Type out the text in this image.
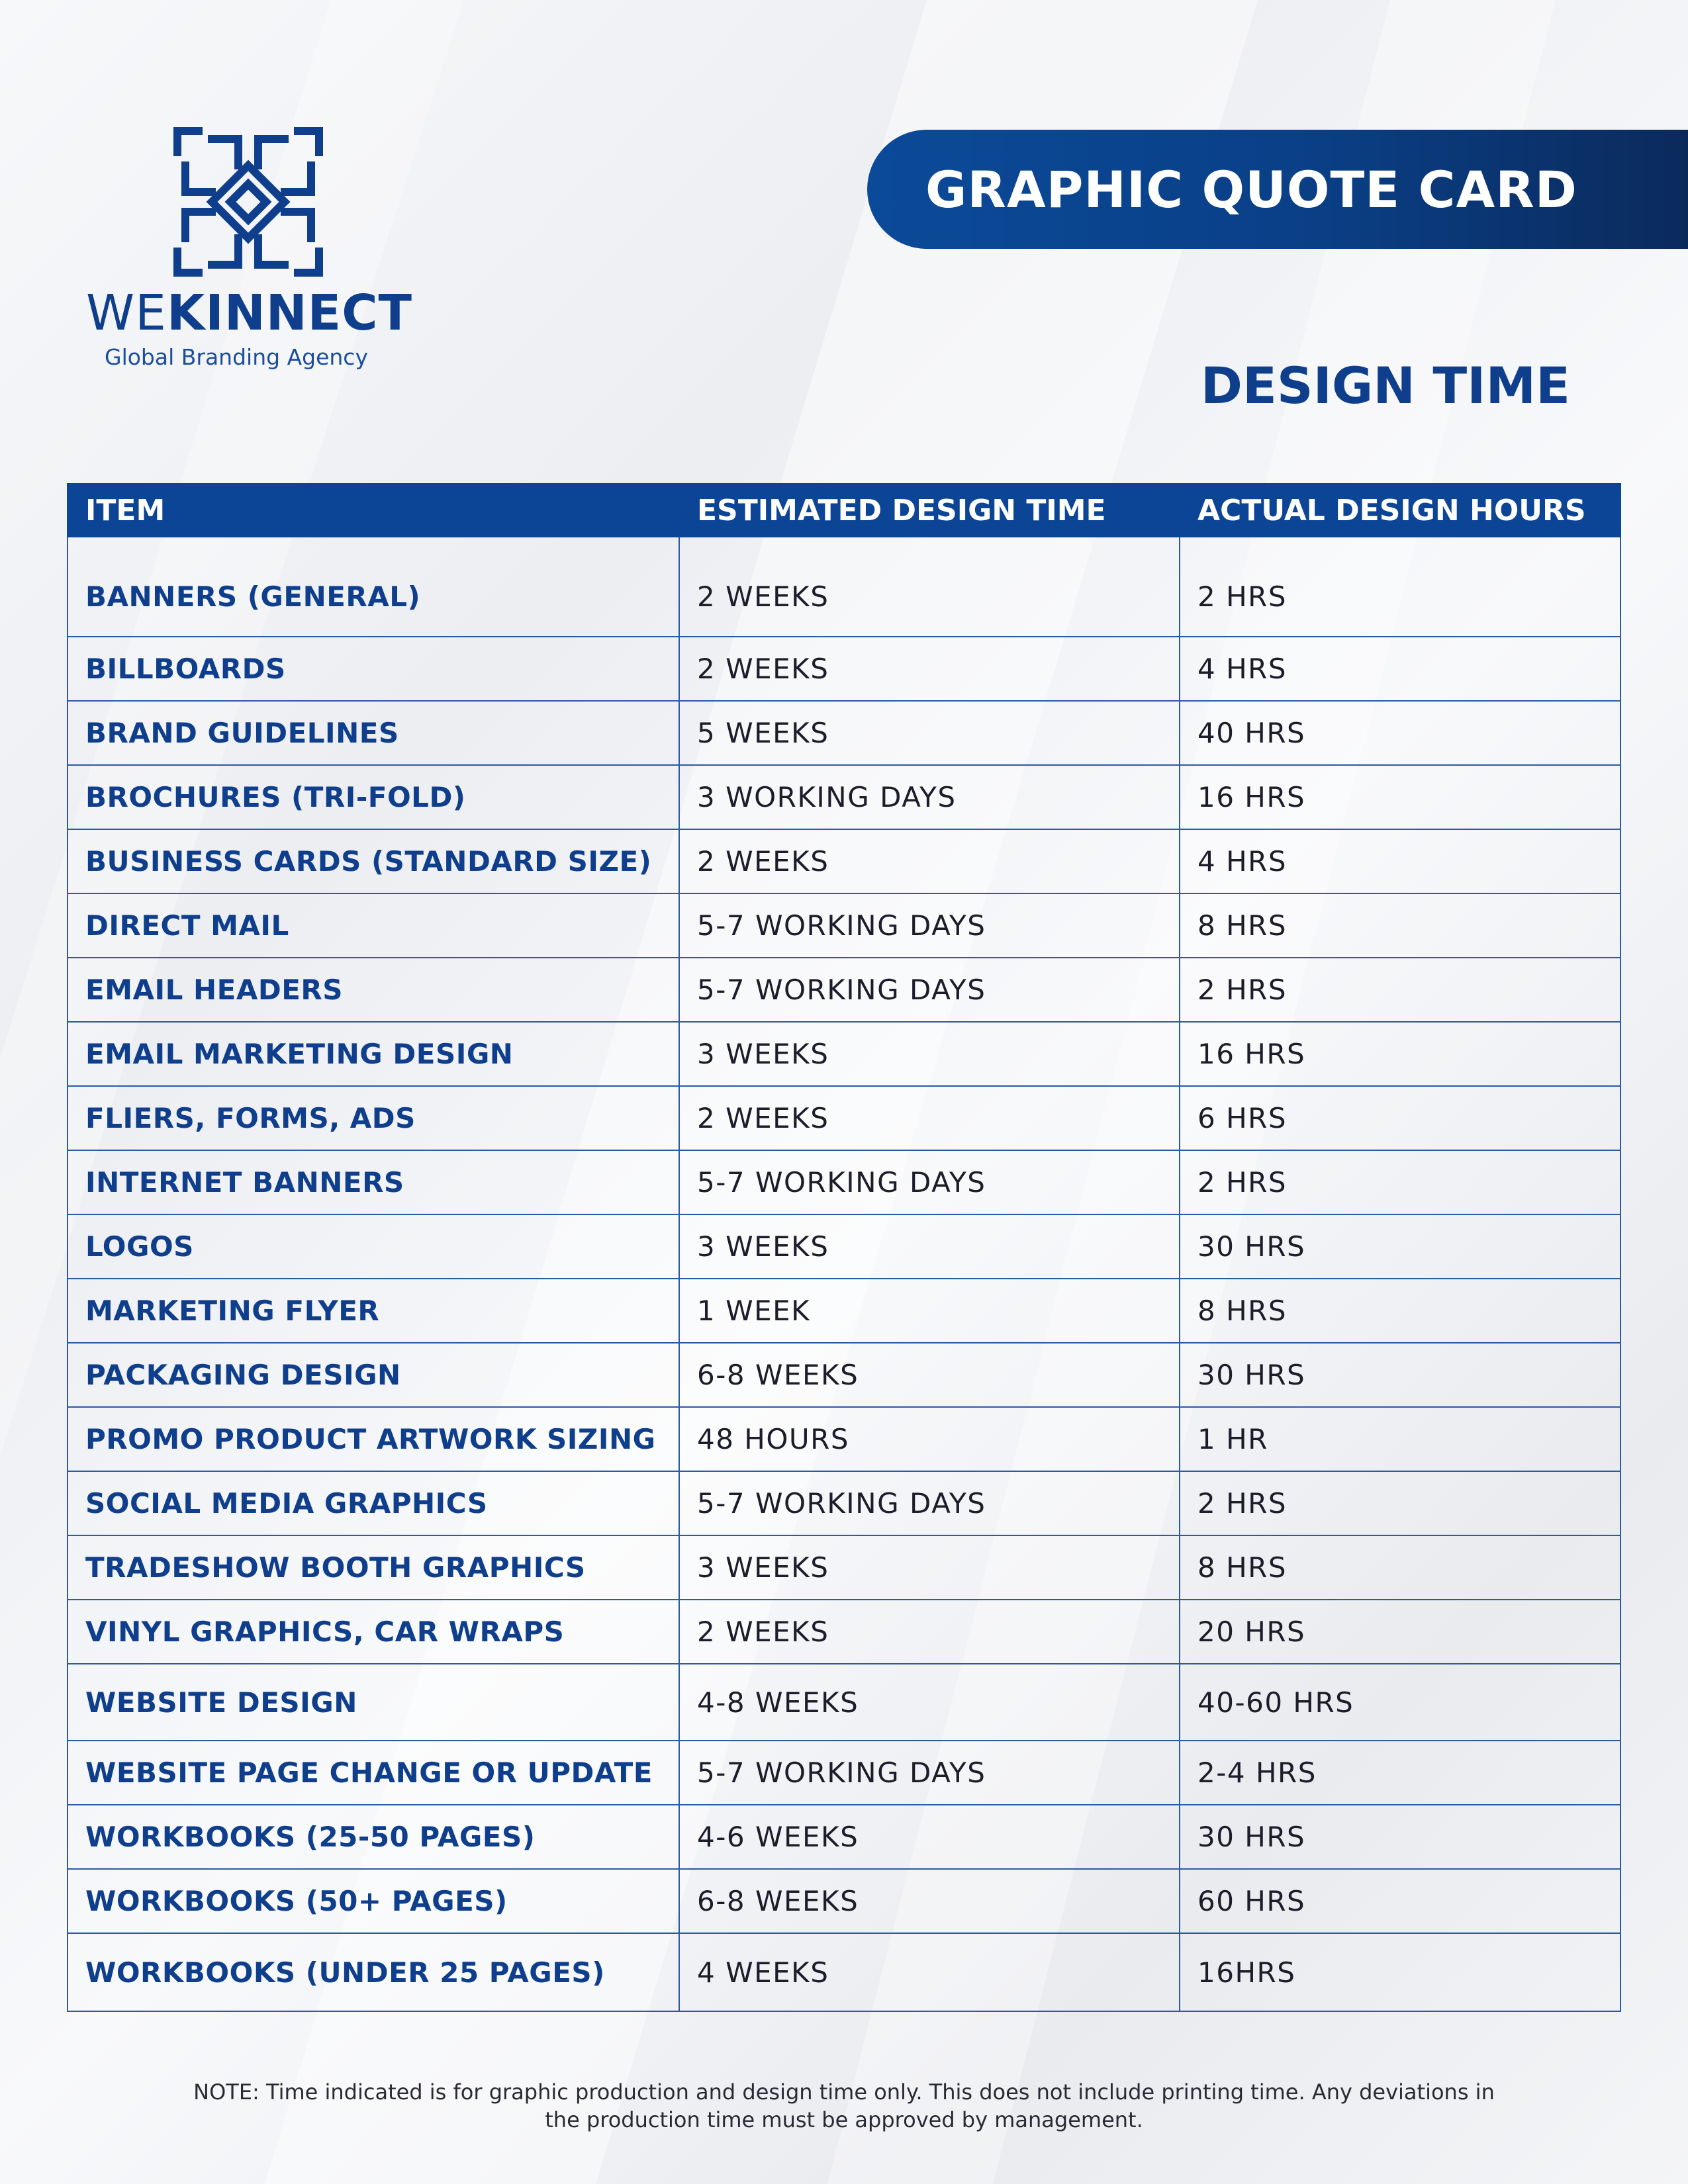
WEKINNECT
Global Branding Agency
GRAPHIC QUOTE CARD
DESIGN TIME
ITEM	ESTIMATED DESIGN TIME	ACTUAL DESIGN HOURS
BANNERS (GENERAL)	2 WEEKS	2 HRS
BILLBOARDS	2 WEEKS	4 HRS
BRAND GUIDELINES	5 WEEKS	40 HRS
BROCHURES (TRI-FOLD)	3 WORKING DAYS	16 HRS
BUSINESS CARDS (STANDARD SIZE)	2 WEEKS	4 HRS
DIRECT MAIL	5-7 WORKING DAYS	8 HRS
EMAIL HEADERS	5-7 WORKING DAYS	2 HRS
EMAIL MARKETING DESIGN	3 WEEKS	16 HRS
FLIERS, FORMS, ADS	2 WEEKS	6 HRS
INTERNET BANNERS	5-7 WORKING DAYS	2 HRS
LOGOS	3 WEEKS	30 HRS
MARKETING FLYER	1 WEEK	8 HRS
PACKAGING DESIGN	6-8 WEEKS	30 HRS
PROMO PRODUCT ARTWORK SIZING	48 HOURS	1 HR
SOCIAL MEDIA GRAPHICS	5-7 WORKING DAYS	2 HRS
TRADESHOW BOOTH GRAPHICS	3 WEEKS	8 HRS
VINYL GRAPHICS, CAR WRAPS	2 WEEKS	20 HRS
WEBSITE DESIGN	4-8 WEEKS	40-60 HRS
WEBSITE PAGE CHANGE OR UPDATE	5-7 WORKING DAYS	2-4 HRS
WORKBOOKS (25-50 PAGES)	4-6 WEEKS	30 HRS
WORKBOOKS (50+ PAGES)	6-8 WEEKS	60 HRS
WORKBOOKS (UNDER 25 PAGES)	4 WEEKS	16HRS
NOTE: Time indicated is for graphic production and design time only. This does not include printing time. Any deviations in
the production time must be approved by management.
